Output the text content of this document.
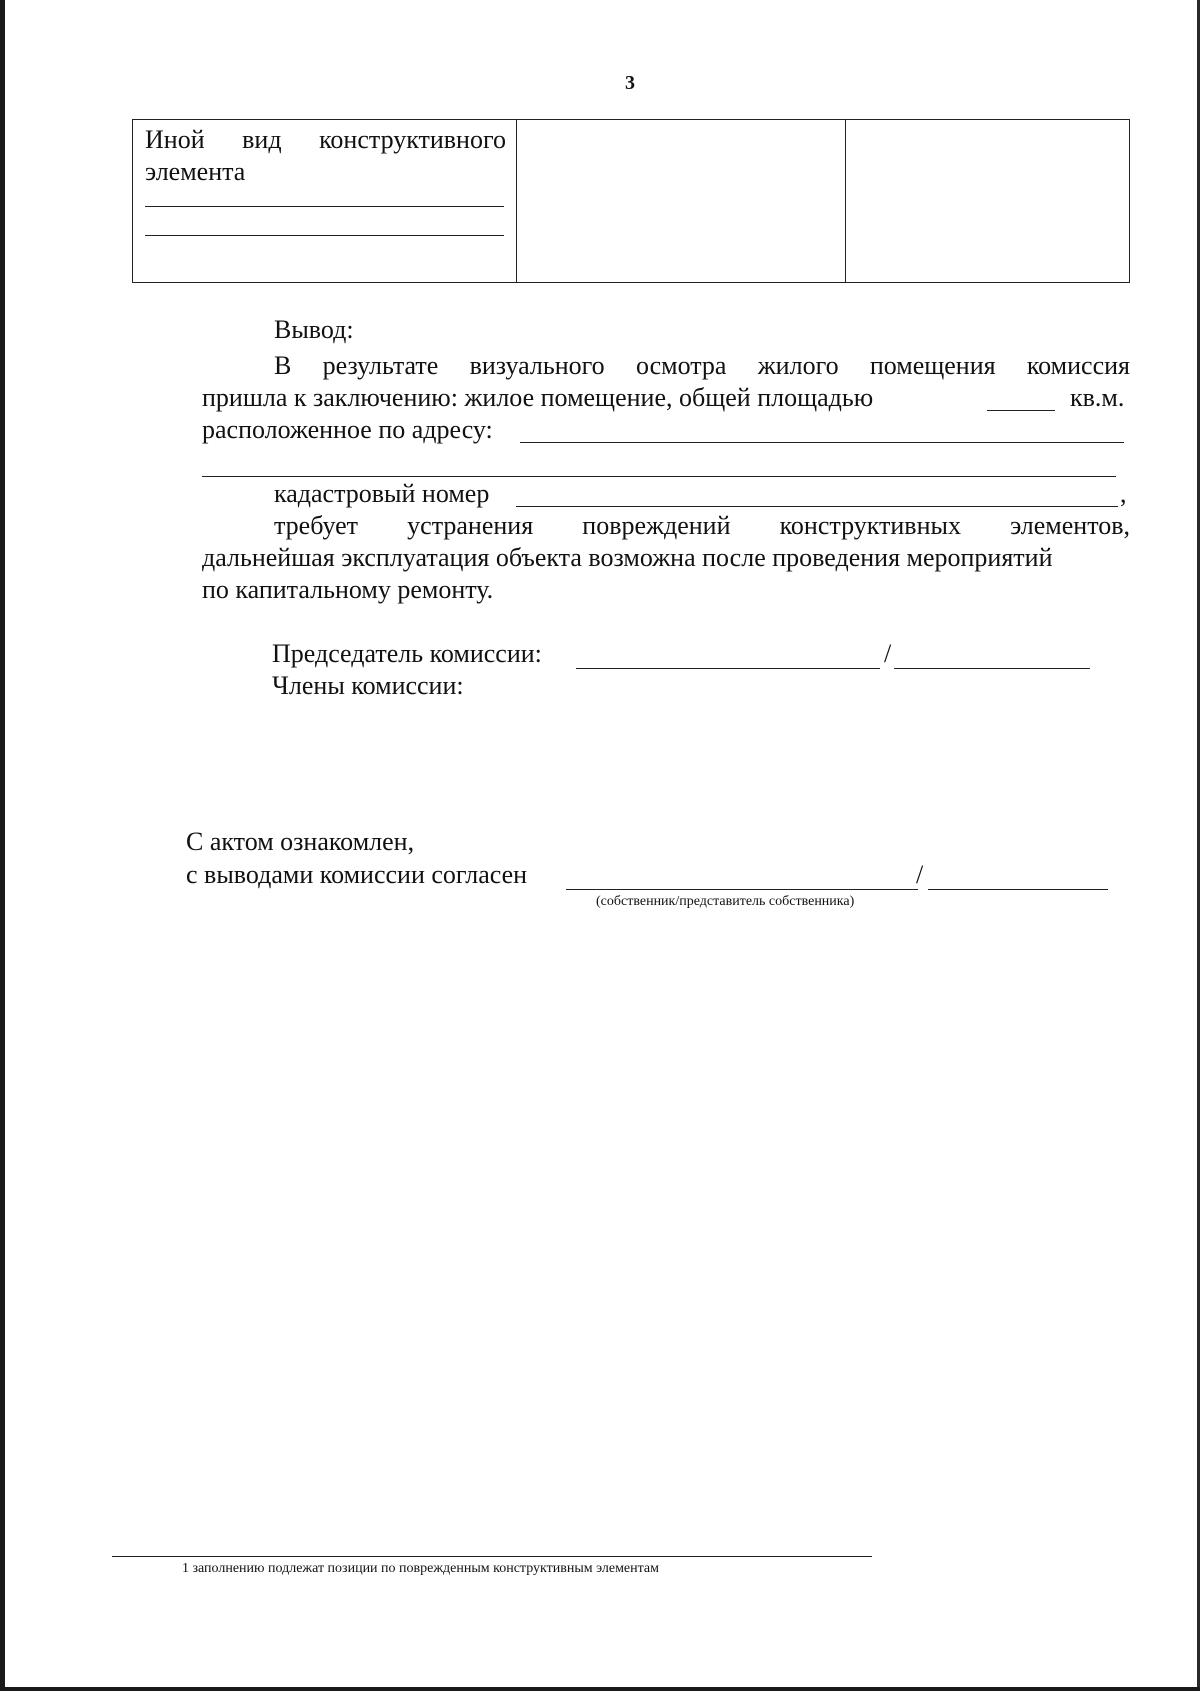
3
Иной вид конструктивного элемента

Вывод:
В результате визуального осмотра жилого помещения комиссия
пришла к заключению: жилое помещение, общей площадью	кв.м.
расположенное по адресу:
кадастровый номер	,
требует устранения повреждений конструктивных элементов,
дальнейшая эксплуатация объекта возможна после проведения мероприятий
по капитальному ремонту.
Председатель комиссии:	/
Члены комиссии:
С актом ознакомлен,
с выводами комиссии согласен	/
(собственник/представитель собственника)
1 заполнению подлежат позиции по поврежденным конструктивным элементам
